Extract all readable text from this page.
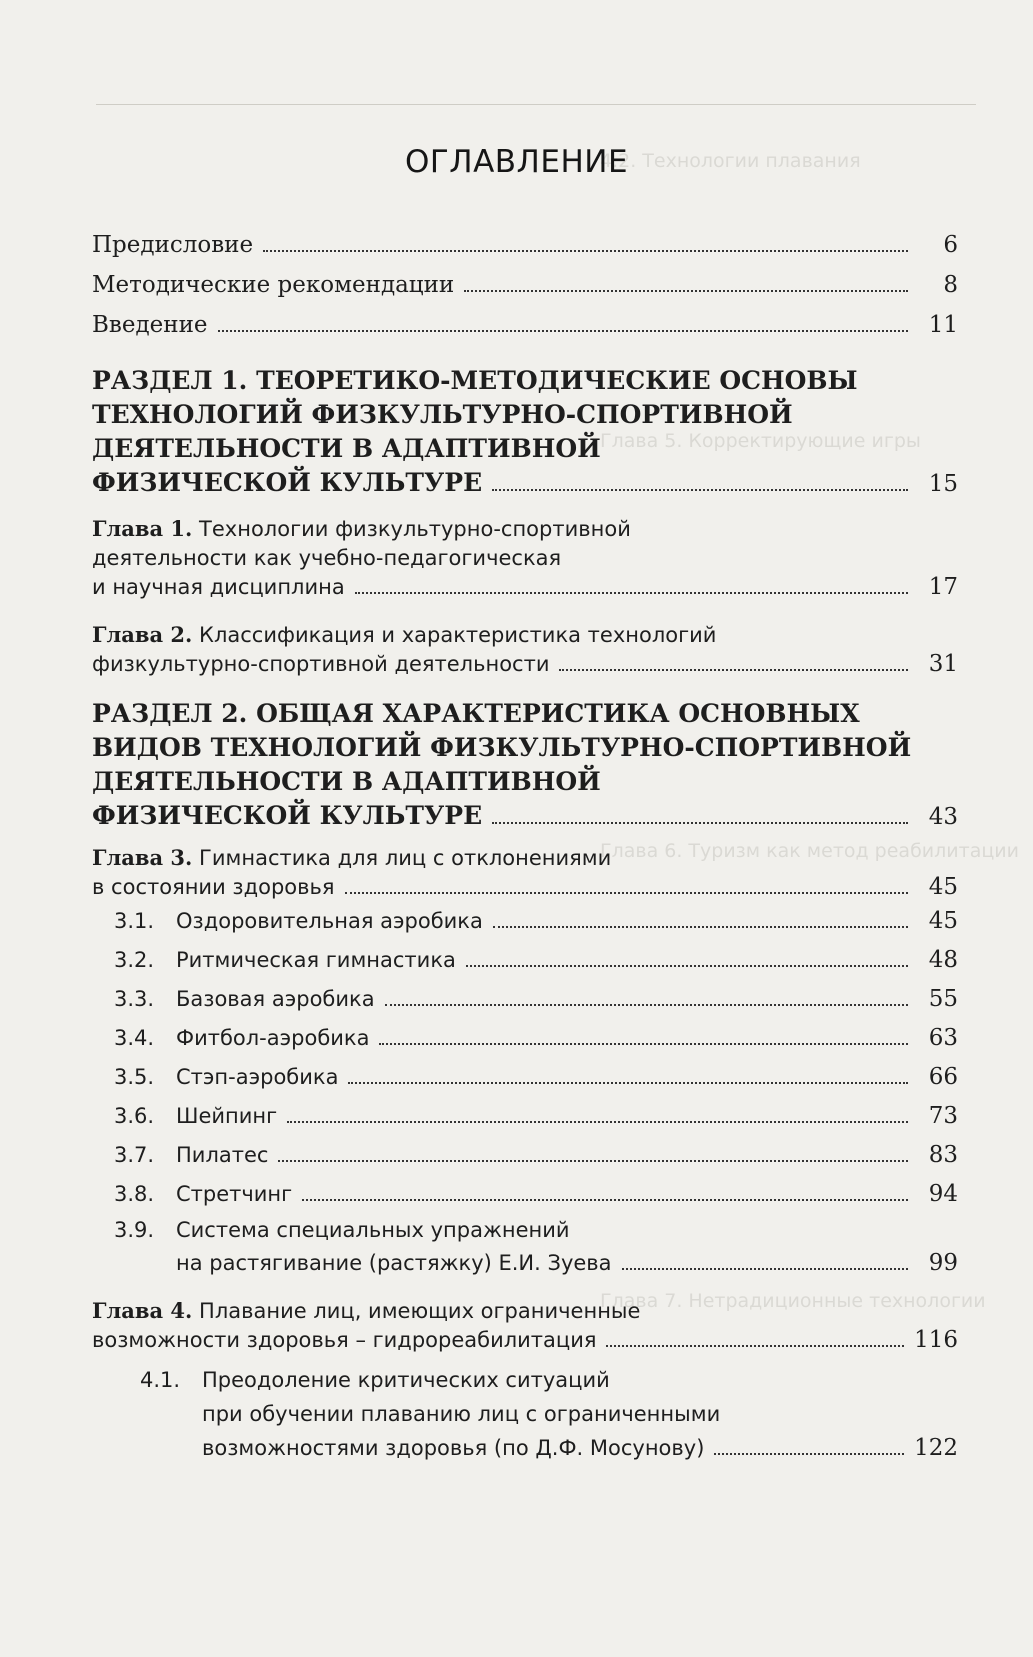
4.2. Технологии плавания
Глава 5. Корректирующие игры
Глава 6. Туризм как метод реабилитации
Глава 7. Нетрадиционные технологии
ОГЛАВЛЕНИЕ
Предисловие	6
Методические рекомендации	8
Введение	11
РАЗДЕЛ 1. ТЕОРЕТИКО-МЕТОДИЧЕСКИЕ ОСНОВЫ
ТЕХНОЛОГИЙ ФИЗКУЛЬТУРНО-СПОРТИВНОЙ
ДЕЯТЕЛЬНОСТИ В АДАПТИВНОЙ
ФИЗИЧЕСКОЙ КУЛЬТУРЕ	15
Глава 1. Технологии физкультурно-спортивной
деятельности как учебно-педагогическая
и научная дисциплина	17
Глава 2. Классификация и характеристика технологий
физкультурно-спортивной деятельности	31
РАЗДЕЛ 2. ОБЩАЯ ХАРАКТЕРИСТИКА ОСНОВНЫХ
ВИДОВ ТЕХНОЛОГИЙ ФИЗКУЛЬТУРНО-СПОРТИВНОЙ
ДЕЯТЕЛЬНОСТИ В АДАПТИВНОЙ
ФИЗИЧЕСКОЙ КУЛЬТУРЕ	43
Глава 3. Гимнастика для лиц с отклонениями
в состоянии здоровья	45
3.1. Оздоровительная аэробика	45
3.2. Ритмическая гимнастика	48
3.3. Базовая аэробика	55
3.4. Фитбол-аэробика	63
3.5. Стэп-аэробика	66
3.6. Шейпинг	73
3.7. Пилатес	83
3.8. Стретчинг	94
3.9. Система специальных упражнений
на растягивание (растяжку) Е.И. Зуева	99
Глава 4. Плавание лиц, имеющих ограниченные
возможности здоровья – гидрореабилитация	116
4.1. Преодоление критических ситуаций
при обучении плаванию лиц с ограниченными
возможностями здоровья (по Д.Ф. Мосунову)	122
